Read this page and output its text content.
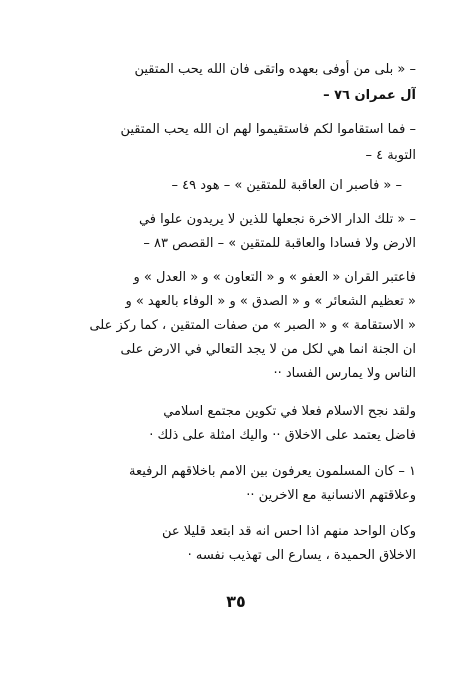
– « بلى من أوفى بعهده واتقى فان الله يحب المتقين
آل عمران ٧٦ –
– فما استقاموا لكم فاستقيموا لهم ان الله يحب المتقين
التوبة ٤ –
– « فاصبر ان العاقبة للمتقين » – هود ٤٩ –
– « تلك الدار الاخرة نجعلها للذين لا يريدون علوا في
الارض ولا فسادا والعاقبة للمتقين » – القصص ٨٣ –
فاعتبر القران « العفو » و « التعاون » و « العدل » و
« تعظيم الشعائر » و « الصدق » و « الوفاء بالعهد » و
« الاستقامة » و « الصبر » من صفات المتقين ، كما ركز على
ان الجنة انما هي لكل من لا يجد التعالي في الارض على
الناس ولا يمارس الفساد ··
ولقد نجح الاسلام فعلا في تكوين مجتمع اسلامي
فاضل يعتمد على الاخلاق ·· واليك امثلة على ذلك ·
١ – كان المسلمون يعرفون بين الامم باخلاقهم الرفيعة
وعلاقتهم الانسانية مع الاخرين ··
وكان الواحد منهم اذا احس انه قد ابتعد قليلا عن
الاخلاق الحميدة ، يسارع الى تهذيب نفسه ·
٣٥
